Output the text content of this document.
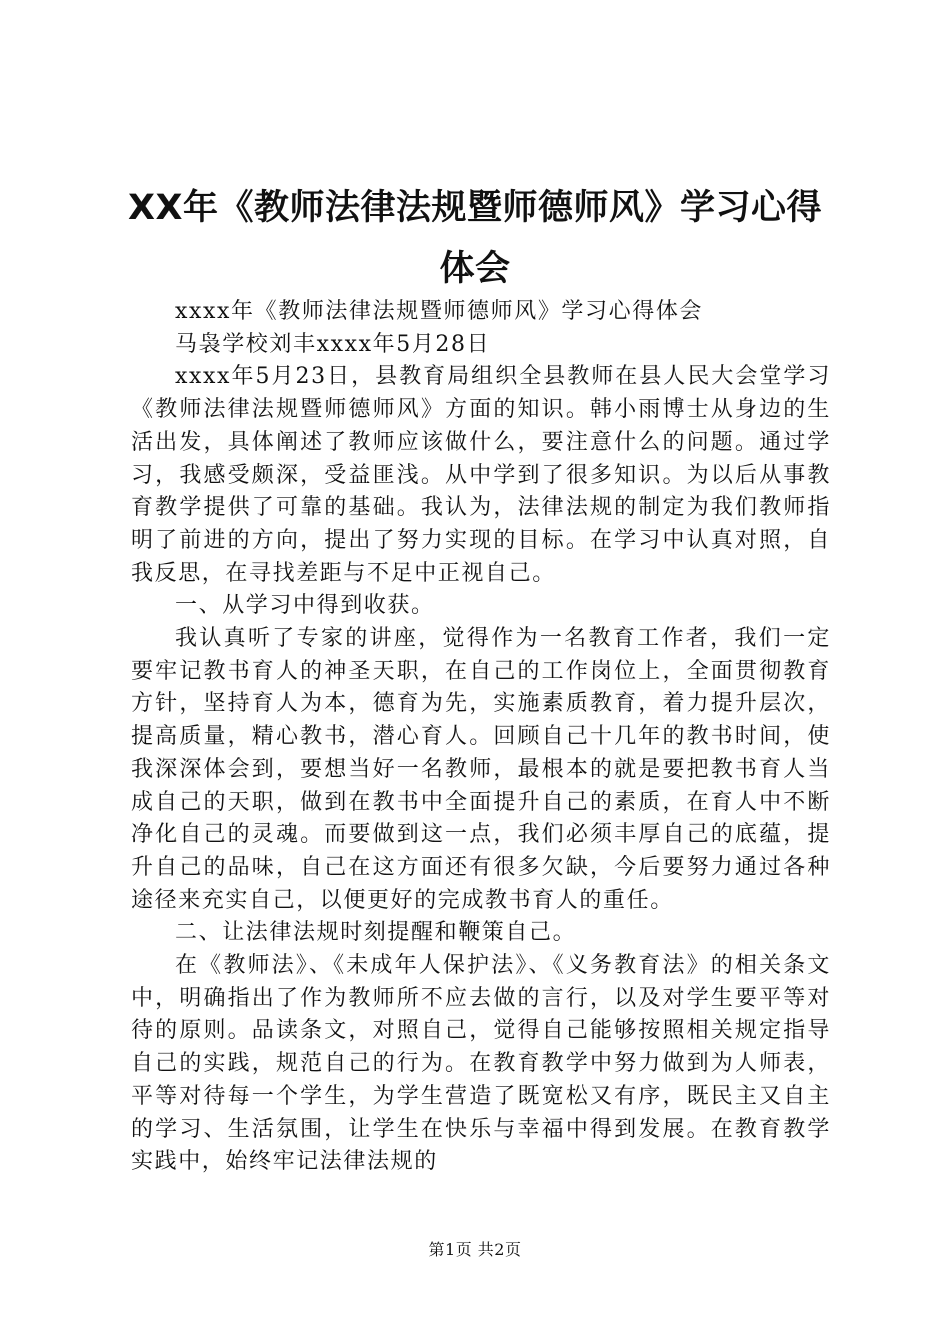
XX年《教师法律法规暨师德师风》学习心得
体会

xxxx年《教师法律法规暨师德师风》学习心得体会

马袅学校刘丰xxxx年5月28日

xxxx年5月23日，县教育局组织全县教师在县人民大会堂学习《教师法律法规暨师德师风》方面的知识。韩小雨博士从身边的生活出发，具体阐述了教师应该做什么，要注意什么的问题。通过学习，我感受颇深，受益匪浅。从中学到了很多知识。为以后从事教育教学提供了可靠的基础。我认为，法律法规的制定为我们教师指明了前进的方向，提出了努力实现的目标。在学习中认真对照，自我反思，在寻找差距与不足中正视自己。

一、从学习中得到收获。

我认真听了专家的讲座，觉得作为一名教育工作者，我们一定要牢记教书育人的神圣天职，在自己的工作岗位上，全面贯彻教育方针，坚持育人为本，德育为先，实施素质教育，着力提升层次，提高质量，精心教书，潜心育人。回顾自己十几年的教书时间，使我深深体会到，要想当好一名教师，最根本的就是要把教书育人当成自己的天职，做到在教书中全面提升自己的素质，在育人中不断净化自己的灵魂。而要做到这一点，我们必须丰厚自己的底蕴，提升自己的品味，自己在这方面还有很多欠缺，今后要努力通过各种途径来充实自己，以便更好的完成教书育人的重任。

二、让法律法规时刻提醒和鞭策自己。

在《教师法》、《未成年人保护法》、《义务教育法》的相关条文中，明确指出了作为教师所不应去做的言行，以及对学生要平等对待的原则。品读条文，对照自己，觉得自己能够按照相关规定指导自己的实践，规范自己的行为。在教育教学中努力做到为人师表，平等对待每一个学生，为学生营造了既宽松又有序，既民主又自主的学习、生活氛围，让学生在快乐与幸福中得到发展。在教育教学实践中，始终牢记法律法规的

第1页 共2页
